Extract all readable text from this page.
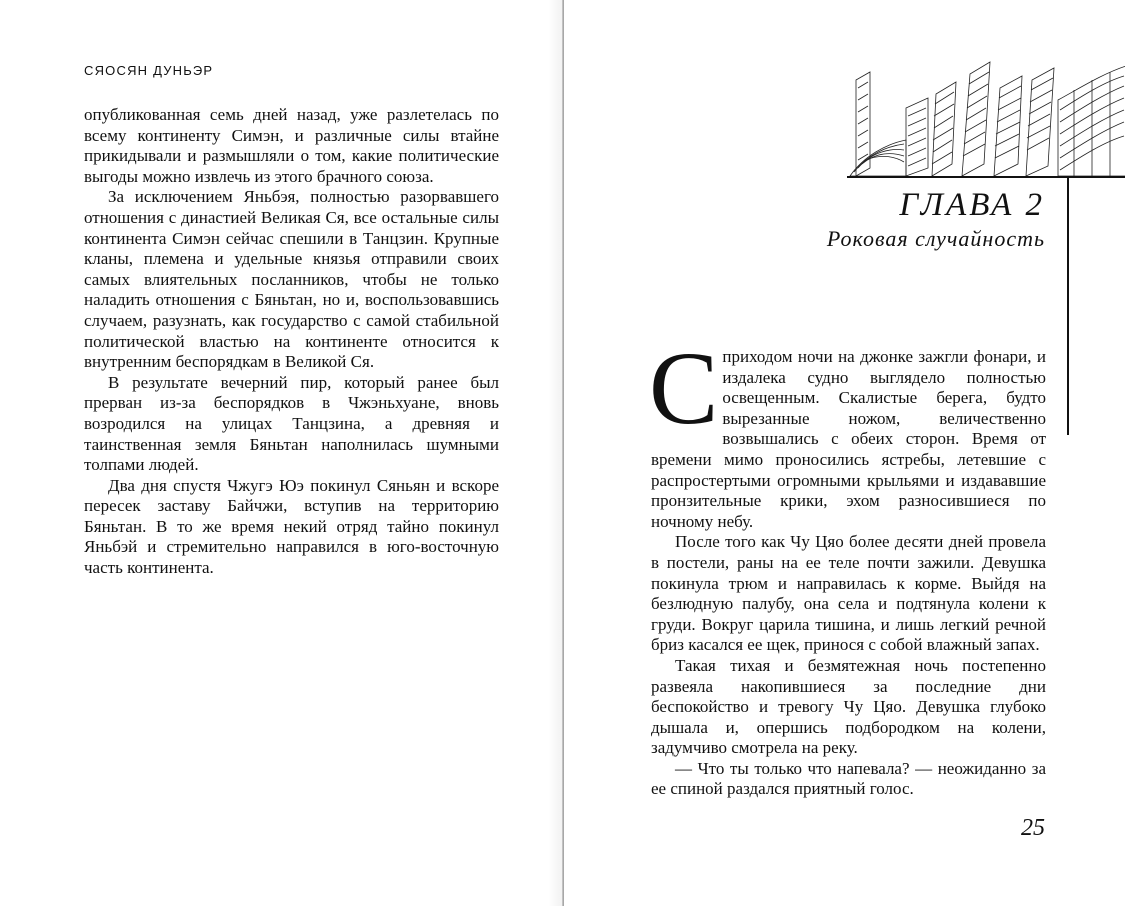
СЯОСЯН ДУНЬЭР

опубликованная семь дней назад, уже разлетелась по всему континенту Симэн, и различные силы втайне прикидывали и размышляли о том, какие политические выгоды можно извлечь из этого брачного союза.

За исключением Яньбэя, полностью разорвавшего отношения с династией Великая Ся, все остальные силы континента Симэн сейчас спешили в Танцзин. Крупные кланы, племена и удельные князья отправили своих самых влиятельных посланников, чтобы не только наладить отношения с Бяньтан, но и, воспользовавшись случаем, разузнать, как государство с самой стабильной политической властью на континенте относится к внутренним беспорядкам в Великой Ся.

В результате вечерний пир, который ранее был прерван из-за беспорядков в Чжэньхуане, вновь возродился на улицах Танцзина, а древняя и таинственная земля Бяньтан наполнилась шумными толпами людей.

Два дня спустя Чжугэ Юэ покинул Сяньян и вскоре пересек заставу Байчжи, вступив на территорию Бяньтан. В то же время некий отряд тайно покинул Яньбэй и стремительно направился в юго-восточную часть континента.

ГЛАВА 2
Роковая случайность

Сприходом ночи на джонке зажгли фонари, и издалека судно выглядело полностью освещенным. Скалистые берега, будто вырезанные ножом, величественно возвышались с обеих сторон. Время от времени мимо проносились ястребы, летевшие с распростертыми огромными крыльями и издававшие пронзительные крики, эхом разносившиеся по ночному небу.

После того как Чу Цяо более десяти дней провела в постели, раны на ее теле почти зажили. Девушка покинула трюм и направилась к корме. Выйдя на безлюдную палубу, она села и подтянула колени к груди. Вокруг царила тишина, и лишь легкий речной бриз касался ее щек, принося с собой влажный запах.

Такая тихая и безмятежная ночь постепенно развеяла накопившиеся за последние дни беспокойство и тревогу Чу Цяо. Девушка глубоко дышала и, опершись подбородком на колени, задумчиво смотрела на реку.

— Что ты только что напевала? — неожиданно за ее спиной раздался приятный голос.

25
